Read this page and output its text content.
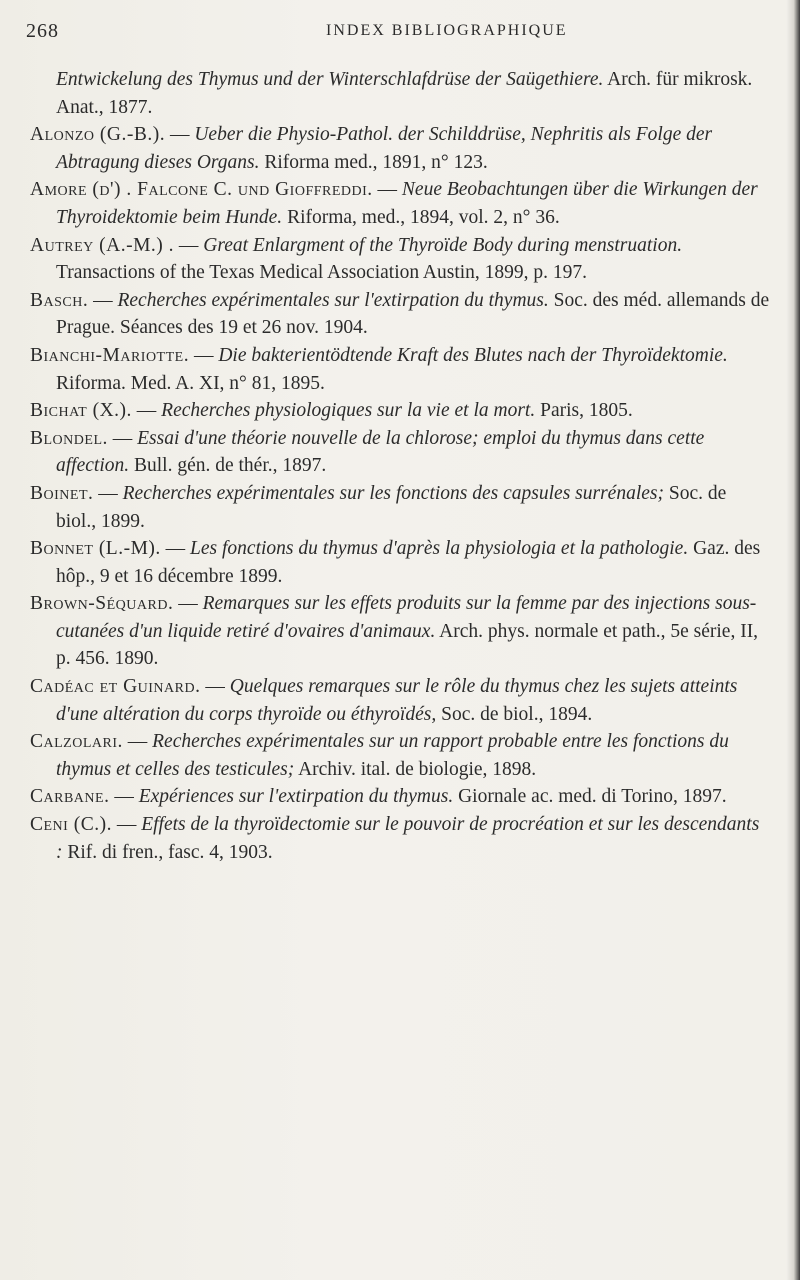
268	INDEX BIBLIOGRAPHIQUE

Entwickelung des Thymus und der Winterschlafdrüse der Saügethiere. Arch. für mikrosk. Anat., 1877.

Alonzo (G.-B.). — Ueber die Physio-Pathol. der Schilddrüse, Nephritis als Folge der Abtragung dieses Organs. Riforma med., 1891, n° 123.

Amore (d') . Falcone C. und Gioffreddi. — Neue Beobachtungen über die Wirkungen der Thyroidektomie beim Hunde. Riforma, med., 1894, vol. 2, n° 36.

Autrey (A.-M.) . — Great Enlargment of the Thyroïde Body during menstruation. Transactions of the Texas Medical Association Austin, 1899, p. 197.

Basch. — Recherches expérimentales sur l'extirpation du thymus. Soc. des méd. allemands de Prague. Séances des 19 et 26 nov. 1904.

Bianchi-Mariotte. — Die bakterientödtende Kraft des Blutes nach der Thyroïdektomie. Riforma. Med. A. XI, n° 81, 1895.

Bichat (X.). — Recherches physiologiques sur la vie et la mort. Paris, 1805.

Blondel. — Essai d'une théorie nouvelle de la chlorose; emploi du thymus dans cette affection. Bull. gén. de thér., 1897.

Boinet. — Recherches expérimentales sur les fonctions des capsules surrénales; Soc. de biol., 1899.

Bonnet (L.-M). — Les fonctions du thymus d'après la physiologia et la pathologie. Gaz. des hôp., 9 et 16 décembre 1899.

Brown-Séquard. — Remarques sur les effets produits sur la femme par des injections sous-cutanées d'un liquide retiré d'ovaires d'animaux. Arch. phys. normale et path., 5e série, II, p. 456. 1890.

Cadéac et Guinard. — Quelques remarques sur le rôle du thymus chez les sujets atteints d'une altération du corps thyroïde ou éthyroïdés, Soc. de biol., 1894.

Calzolari. — Recherches expérimentales sur un rapport probable entre les fonctions du thymus et celles des testicules; Archiv. ital. de biologie, 1898.

Carbane. — Expériences sur l'extirpation du thymus. Giornale ac. med. di Torino, 1897.

Ceni (C.). — Effets de la thyroïdectomie sur le pouvoir de procréation et sur les descendants : Rif. di fren., fasc. 4, 1903.
